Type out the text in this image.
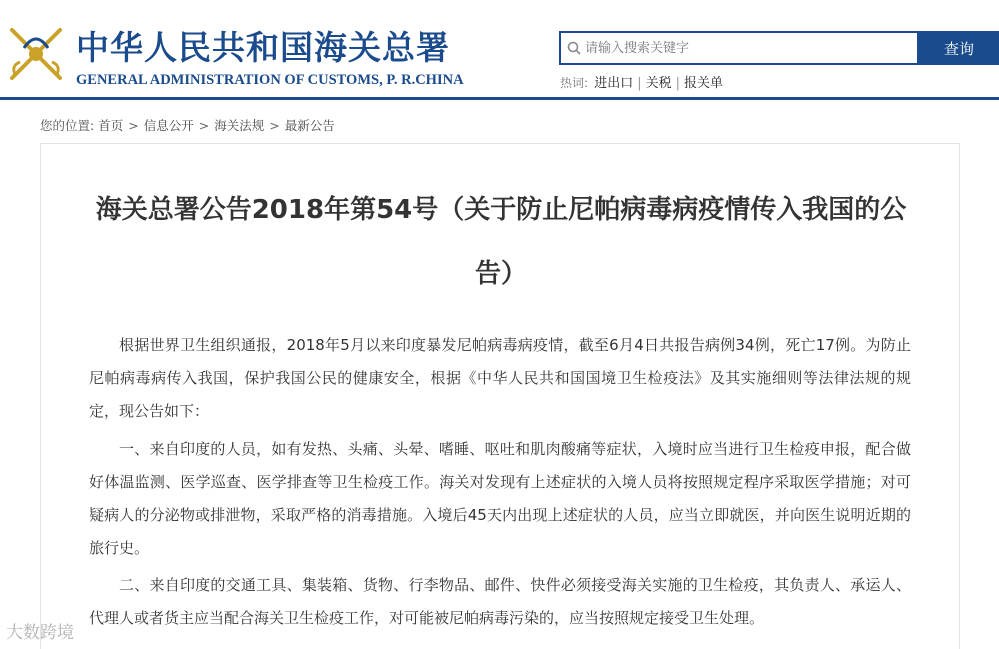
中华人民共和国海关总署
GENERAL ADMINISTRATION OF CUSTOMS, P. R.CHINA
请输入搜索关键字
查询
热词: 进出口 | 关税 | 报关单
您的位置: 首页 > 信息公开 > 海关法规 > 最新公告
海关总署公告2018年第54号（关于防止尼帕病毒病疫情传入我国的公告）

根据世界卫生组织通报，2018年5月以来印度暴发尼帕病毒病疫情，截至6月4日共报告病例34例，死亡17例。为防止尼帕病毒病传入我国，保护我国公民的健康安全，根据《中华人民共和国国境卫生检疫法》及其实施细则等法律法规的规定，现公告如下：

一、来自印度的人员，如有发热、头痛、头晕、嗜睡、呕吐和肌肉酸痛等症状，入境时应当进行卫生检疫申报，配合做好体温监测、医学巡查、医学排查等卫生检疫工作。海关对发现有上述症状的入境人员将按照规定程序采取医学措施；对可疑病人的分泌物或排泄物，采取严格的消毒措施。入境后45天内出现上述症状的人员，应当立即就医，并向医生说明近期的旅行史。

二、来自印度的交通工具、集装箱、货物、行李物品、邮件、快件必须接受海关实施的卫生检疫，其负责人、承运人、代理人或者货主应当配合海关卫生检疫工作，对可能被尼帕病毒污染的，应当按照规定接受卫生处理。

大数跨境
